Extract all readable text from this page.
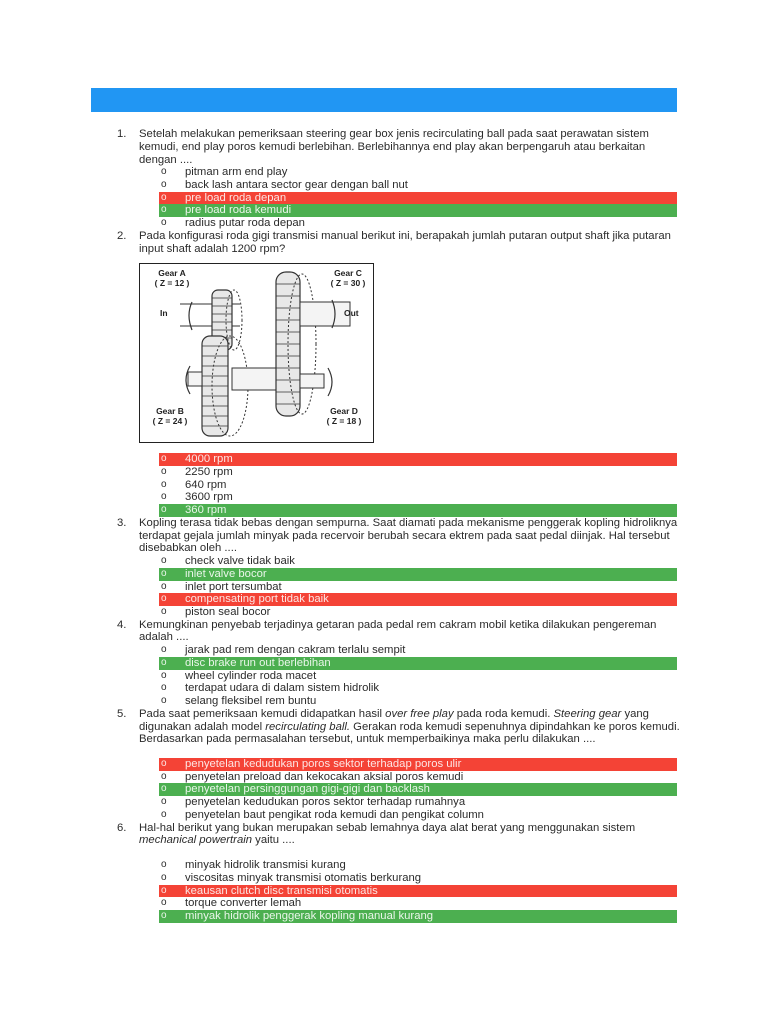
1. Setelah melakukan pemeriksaan steering gear box jenis recirculating ball pada saat perawatan sistem kemudi, end play poros kemudi berlebihan. Berlebihannya end play akan berpengaruh atau berkaitan dengan ....
o pitman arm end play
o back lash antara sector gear dengan ball nut
o pre load roda depan
o pre load roda kemudi
o radius putar roda depan
2. Pada konfigurasi roda gigi transmisi manual berikut ini, berapakah jumlah putaran output shaft jika putaran input shaft adalah 1200 rpm?
Gear A
( Z = 12 )
Gear C
( Z = 30 )
In	Out
Gear B
( Z = 24 )
Gear D
( Z = 18 )
o 4000 rpm
o 2250 rpm
o 640 rpm
o 3600 rpm
o 360 rpm
3. Kopling terasa tidak bebas dengan sempurna. Saat diamati pada mekanisme penggerak kopling hidroliknya terdapat gejala jumlah minyak pada recervoir berubah secara ektrem pada saat pedal diinjak. Hal tersebut disebabkan oleh ....
o check valve tidak baik
o inlet valve bocor
o inlet port tersumbat
o compensating port tidak baik
o piston seal bocor
4. Kemungkinan penyebab terjadinya getaran pada pedal rem cakram mobil ketika dilakukan pengereman adalah ....
o jarak pad rem dengan cakram terlalu sempit
o disc brake run out berlebihan
o wheel cylinder roda macet
o terdapat udara di dalam sistem hidrolik
o selang fleksibel rem buntu
5. Pada saat pemeriksaan kemudi didapatkan hasil over free play pada roda kemudi. Steering gear yang digunakan adalah model recirculating ball. Gerakan roda kemudi sepenuhnya dipindahkan ke poros kemudi. Berdasarkan pada permasalahan tersebut, untuk memperbaikinya maka perlu dilakukan ....
o penyetelan kedudukan poros sektor terhadap poros ulir
o penyetelan preload dan kekocakan aksial poros kemudi
o penyetelan persinggungan gigi-gigi dan backlash
o penyetelan kedudukan poros sektor terhadap rumahnya
o penyetelan baut pengikat roda kemudi dan pengikat column
6. Hal-hal berikut yang bukan merupakan sebab lemahnya daya alat berat yang menggunakan sistem mechanical powertrain yaitu ....
o minyak hidrolik transmisi kurang
o viscositas minyak transmisi otomatis berkurang
o keausan clutch disc transmisi otomatis
o torque converter lemah
o minyak hidrolik penggerak kopling manual kurang
